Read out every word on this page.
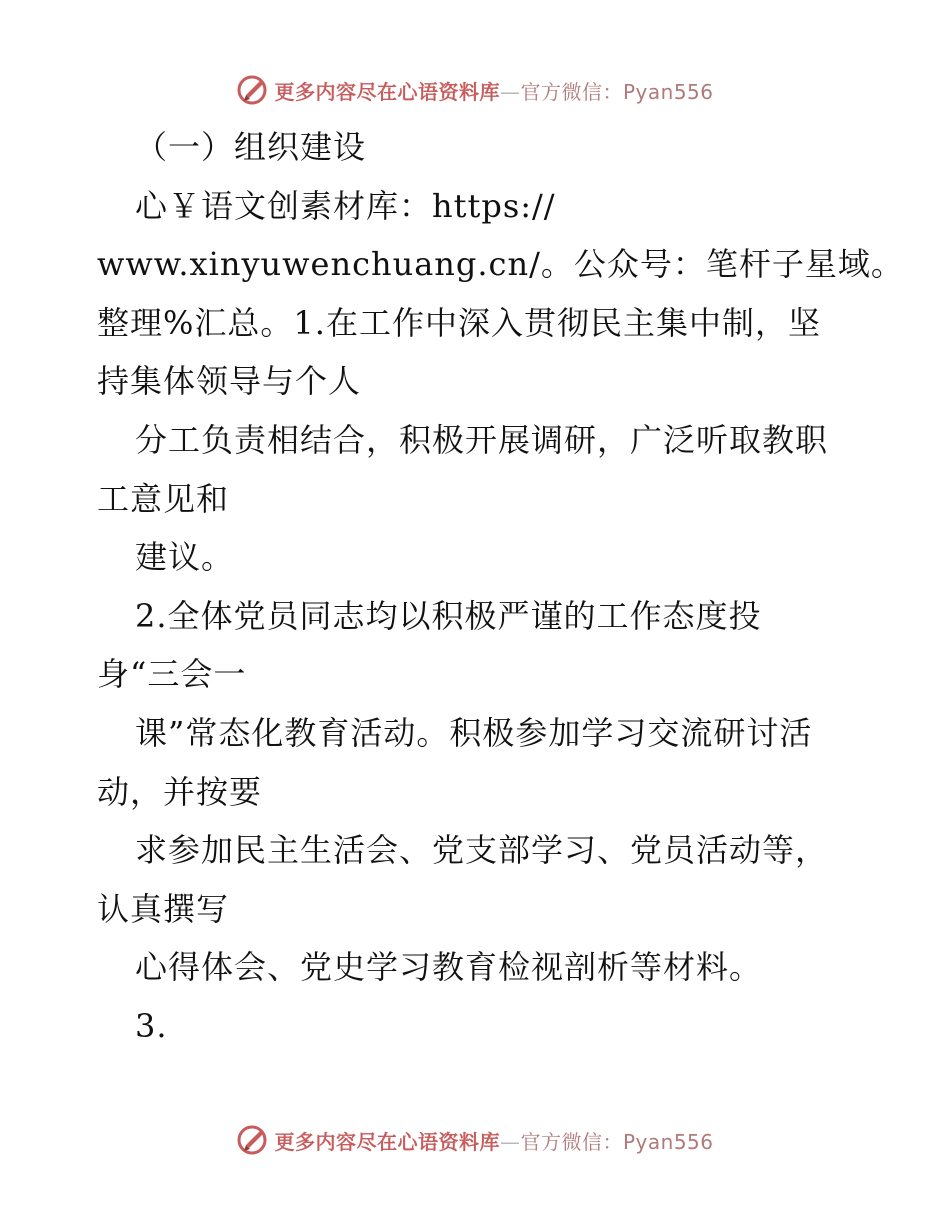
更多内容尽在心语资料库—官方微信：Pyan556
（一）组织建设
心￥语文创素材库：https://
www.xinyuwenchuang.cn/。公众号：笔杆子星域。
整理%汇总。1.在工作中深入贯彻民主集中制，坚
持集体领导与个人
分工负责相结合，积极开展调研，广泛听取教职
工意见和
建议。
2.全体党员同志均以积极严谨的工作态度投
身“三会一
课”常态化教育活动。积极参加学习交流研讨活
动，并按要
求参加民主生活会、党支部学习、党员活动等，
认真撰写
心得体会、党史学习教育检视剖析等材料。
3.
更多内容尽在心语资料库—官方微信：Pyan556
